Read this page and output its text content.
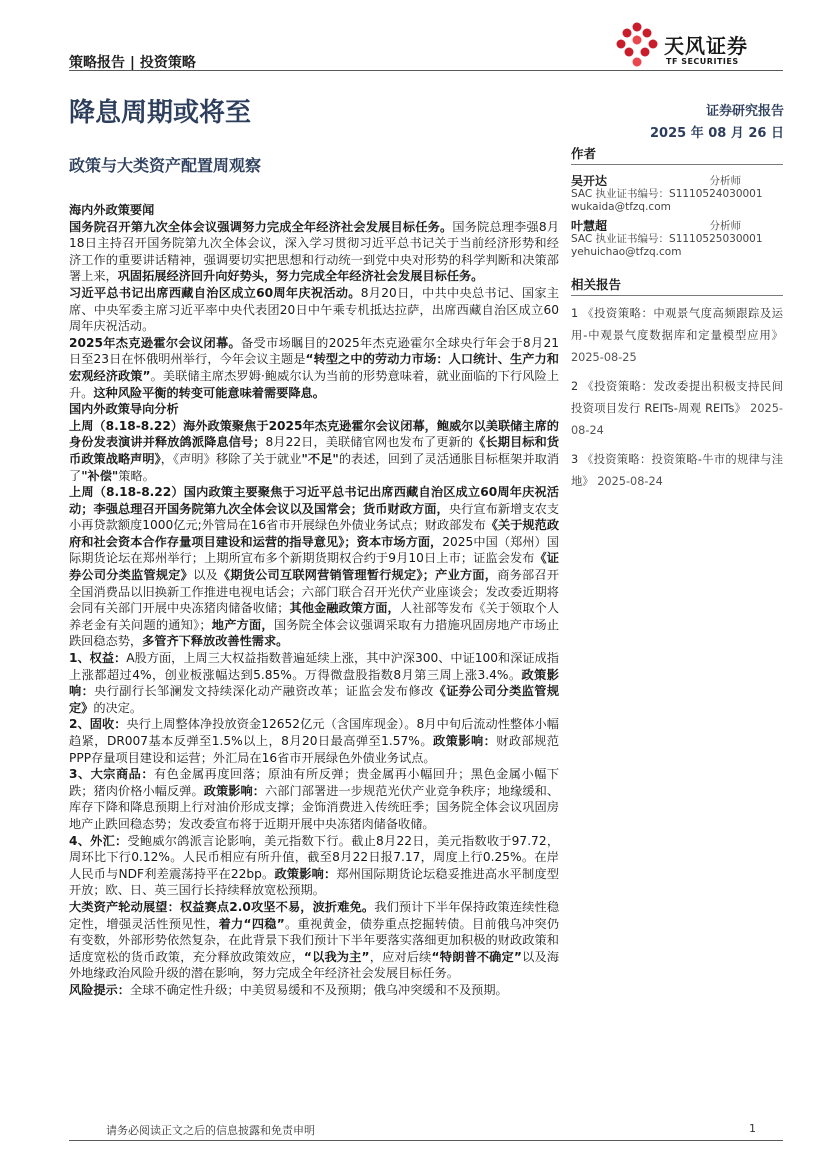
策略报告 | 投资策略
天风证券
TF SECURITIES
降息周期或将至	证券研究报告
2025 年 08 月 26 日
政策与大类资产配置周观察
海内外政策要闻

国务院召开第九次全体会议强调努力完成全年经济社会发展目标任务。国务院总理李强8月18日主持召开国务院第九次全体会议，深入学习贯彻习近平总书记关于当前经济形势和经济工作的重要讲话精神，强调要切实把思想和行动统一到党中央对形势的科学判断和决策部署上来，巩固拓展经济回升向好势头，努力完成全年经济社会发展目标任务。

习近平总书记出席西藏自治区成立60周年庆祝活动。8月20日，中共中央总书记、国家主席、中央军委主席习近平率中央代表团20日中午乘专机抵达拉萨，出席西藏自治区成立60周年庆祝活动。

2025年杰克逊霍尔会议闭幕。备受市场瞩目的2025年杰克逊霍尔全球央行年会于8月21日至23日在怀俄明州举行，今年会议主题是“转型之中的劳动力市场：人口统计、生产力和宏观经济政策”。美联储主席杰罗姆·鲍威尔认为当前的形势意味着，就业面临的下行风险上升。这种风险平衡的转变可能意味着需要降息。

国内外政策导向分析

上周（8.18-8.22）海外政策聚焦于2025年杰克逊霍尔会议闭幕，鲍威尔以美联储主席的身份发表演讲并释放鸽派降息信号；8月22日，美联储官网也发布了更新的《长期目标和货币政策战略声明》，《声明》移除了关于就业"不足"的表述，回到了灵活通胀目标框架并取消了"补偿"策略。

上周（8.18-8.22）国内政策主要聚焦于习近平总书记出席西藏自治区成立60周年庆祝活动；李强总理召开国务院第九次全体会议以及国常会；货币财政方面，央行宣布新增支农支小再贷款额度1000亿元;外管局在16省市开展绿色外债业务试点；财政部发布《关于规范政府和社会资本合作存量项目建设和运营的指导意见》；资本市场方面，2025中国（郑州）国际期货论坛在郑州举行；上期所宣布多个新期货期权合约于9月10日上市；证监会发布《证券公司分类监管规定》以及《期货公司互联网营销管理暂行规定》；产业方面，商务部召开全国消费品以旧换新工作推进电视电话会；六部门联合召开光伏产业座谈会；发改委近期将会同有关部门开展中央冻猪肉储备收储；其他金融政策方面，人社部等发布《关于领取个人养老金有关问题的通知》；地产方面，国务院全体会议强调采取有力措施巩固房地产市场止跌回稳态势，多管齐下释放改善性需求。

1、权益：A股方面，上周三大权益指数普遍延续上涨，其中沪深300、中证100和深证成指上涨都超过4%，创业板涨幅达到5.85%。万得微盘股指数8月第三周上涨3.4%。政策影响：央行副行长邹澜发文持续深化动产融资改革；证监会发布修改《证券公司分类监管规定》的决定。

2、固收：央行上周整体净投放资金12652亿元（含国库现金）。8月中旬后流动性整体小幅趋紧，DR007基本反弹至1.5%以上，8月20日最高弹至1.57%。政策影响：财政部规范PPP存量项目建设和运营；外汇局在16省市开展绿色外债业务试点。

3、大宗商品：有色金属再度回落；原油有所反弹；贵金属再小幅回升；黑色金属小幅下跌；猪肉价格小幅反弹。政策影响：六部门部署进一步规范光伏产业竞争秩序；地缘缓和、库存下降和降息预期上行对油价形成支撑；金饰消费进入传统旺季；国务院全体会议巩固房地产止跌回稳态势；发改委宣布将于近期开展中央冻猪肉储备收储。

4、外汇：受鲍威尔鸽派言论影响，美元指数下行。截止8月22日，美元指数收于97.72，周环比下行0.12%。人民币相应有所升值，截至8月22日报7.17，周度上行0.25%。在岸人民币与NDF利差震荡持平在22bp。政策影响：郑州国际期货论坛稳妥推进高水平制度型开放；欧、日、英三国行长持续释放宽松预期。

大类资产轮动展望：权益赛点2.0攻坚不易，波折难免。我们预计下半年保持政策连续性稳定性，增强灵活性预见性，着力“四稳”。重视黄金，债券重点挖掘转债。目前俄乌冲突仍有变数，外部形势依然复杂，在此背景下我们预计下半年要落实落细更加积极的财政政策和适度宽松的货币政策，充分释放政策效应，“以我为主”，应对后续“特朗普不确定”以及海外地缘政治风险升级的潜在影响，努力完成全年经济社会发展目标任务。

风险提示：全球不确定性升级；中美贸易缓和不及预期；俄乌冲突缓和不及预期。

作者
吴开达	分析师
SAC 执业证书编号：S1110524030001
wukaida@tfzq.com
叶慧超	分析师
SAC 执业证书编号：S1110525030001
yehuichao@tfzq.com
相关报告
1 《投资策略：中观景气度高频跟踪及运用-中观景气度数据库和定量模型应用》 2025-08-25
2 《投资策略：发改委提出积极支持民间投资项目发行 REITs-周观 REITs》 2025-08-24
3 《投资策略：投资策略-牛市的规律与洼地》 2025-08-24
请务必阅读正文之后的信息披露和免责申明	1
